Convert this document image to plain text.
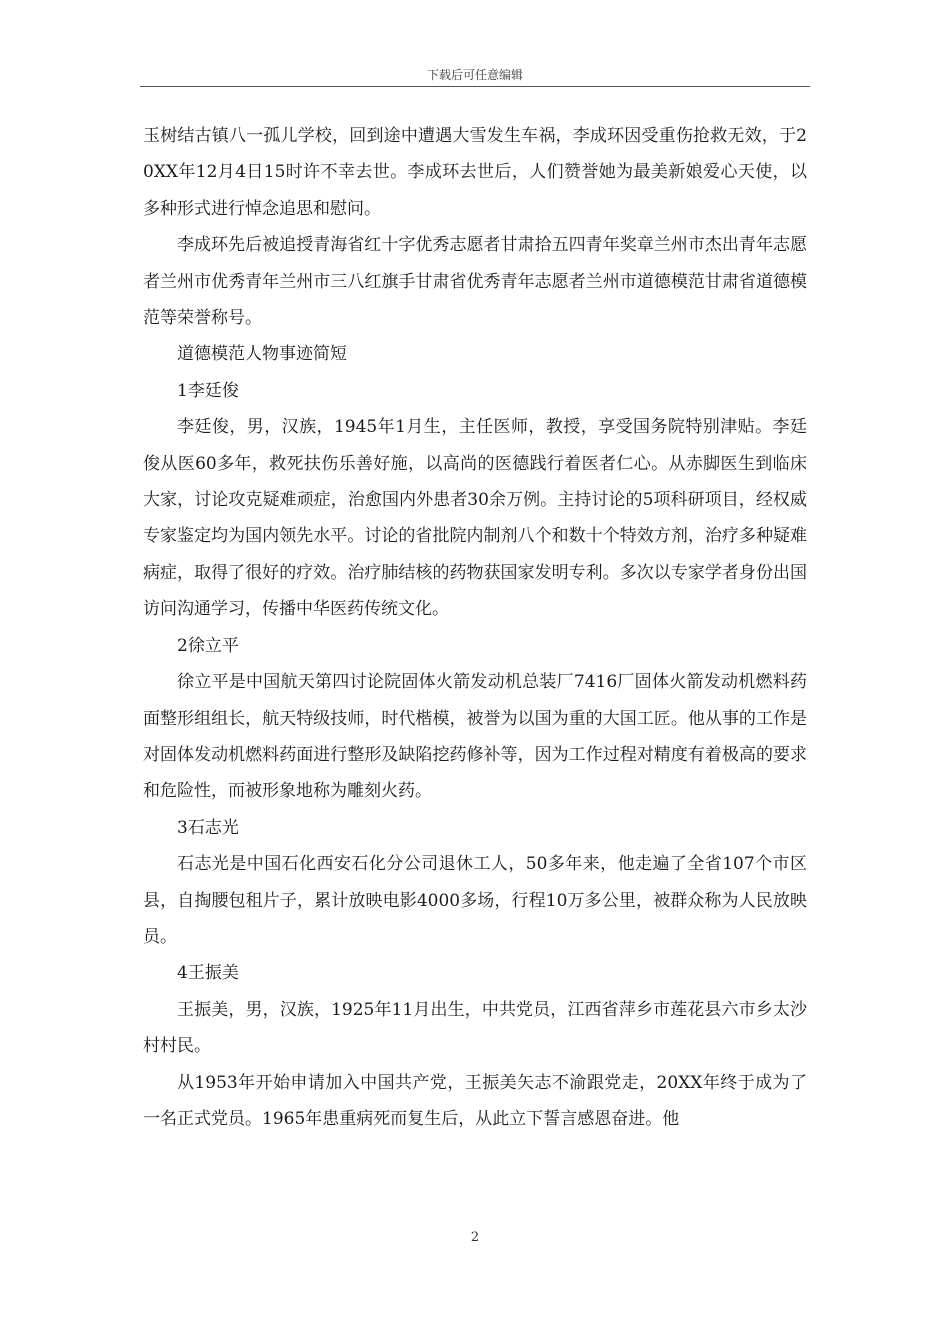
下载后可任意编辑

玉树结古镇八一孤儿学校，回到途中遭遇大雪发生车祸，李成环因受重伤抢救无效，于20XX年12月4日15时许不幸去世。李成环去世后，人们赞誉她为最美新娘爱心天使，以多种形式进行悼念追思和慰问。

李成环先后被追授青海省红十字优秀志愿者甘肃拾五四青年奖章兰州市杰出青年志愿者兰州市优秀青年兰州市三八红旗手甘肃省优秀青年志愿者兰州市道德模范甘肃省道德模范等荣誉称号。

道德模范人物事迹简短

1李廷俊

李廷俊，男，汉族，1945年1月生，主任医师，教授，享受国务院特别津贴。李廷俊从医60多年，救死扶伤乐善好施，以高尚的医德践行着医者仁心。从赤脚医生到临床大家，讨论攻克疑难顽症，治愈国内外患者30余万例。主持讨论的5项科研项目，经权威专家鉴定均为国内领先水平。讨论的省批院内制剂八个和数十个特效方剂，治疗多种疑难病症，取得了很好的疗效。治疗肺结核的药物获国家发明专利。多次以专家学者身份出国访问沟通学习，传播中华医药传统文化。

2徐立平

徐立平是中国航天第四讨论院固体火箭发动机总装厂7416厂固体火箭发动机燃料药面整形组组长，航天特级技师，时代楷模，被誉为以国为重的大国工匠。他从事的工作是对固体发动机燃料药面进行整形及缺陷挖药修补等，因为工作过程对精度有着极高的要求和危险性，而被形象地称为雕刻火药。

3石志光

石志光是中国石化西安石化分公司退休工人，50多年来，他走遍了全省107个市区县，自掏腰包租片子，累计放映电影4000多场，行程10万多公里，被群众称为人民放映员。

4王振美

王振美，男，汉族，1925年11月出生，中共党员，江西省萍乡市莲花县六市乡太沙村村民。

从1953年开始申请加入中国共产党，王振美矢志不渝跟党走，20XX年终于成为了一名正式党员。1965年患重病死而复生后，从此立下誓言感恩奋进。他

2
